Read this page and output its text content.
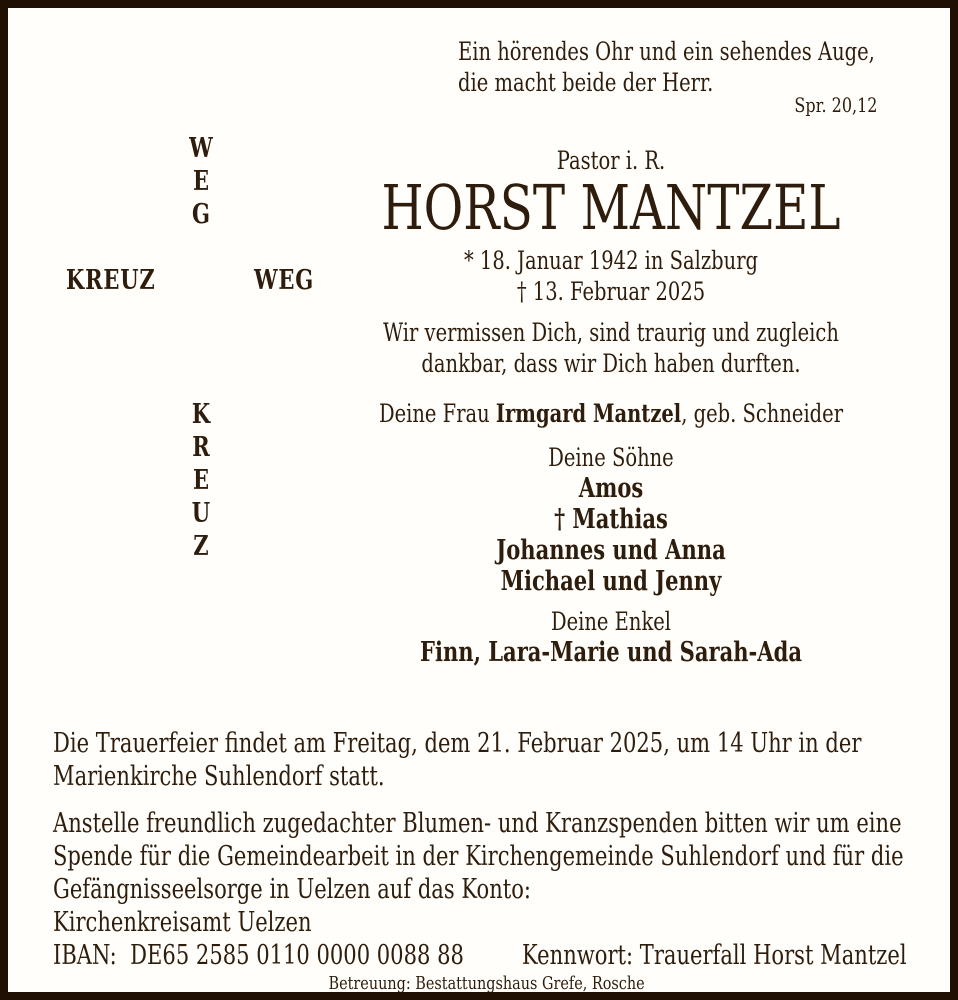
Ein hörendes Ohr und ein sehendes Auge,
die macht beide der Herr.
Spr. 20,12
W
E
G
KREUZ	WEG
K
R
E
U
Z
Pastor i. R.
HORST MANTZEL
* 18. Januar 1942 in Salzburg
† 13. Februar 2025
Wir vermissen Dich, sind traurig und zugleich
dankbar, dass wir Dich haben durften.
Deine Frau Irmgard Mantzel, geb. Schneider
Deine Söhne
Amos
† Mathias
Johannes und Anna
Michael und Jenny
Deine Enkel
Finn, Lara-Marie und Sarah-Ada
Die Trauerfeier findet am Freitag, dem 21. Februar 2025, um 14 Uhr in der
Marienkirche Suhlendorf statt.
Anstelle freundlich zugedachter Blumen- und Kranzspenden bitten wir um eine
Spende für die Gemeindearbeit in der Kirchengemeinde Suhlendorf und für die
Gefängnisseelsorge in Uelzen auf das Konto:
Kirchenkreisamt Uelzen
IBAN:  DE65 2585 0110 0000 0088 88 Kennwort: Trauerfall Horst Mantzel
Betreuung: Bestattungshaus Grefe, Rosche
